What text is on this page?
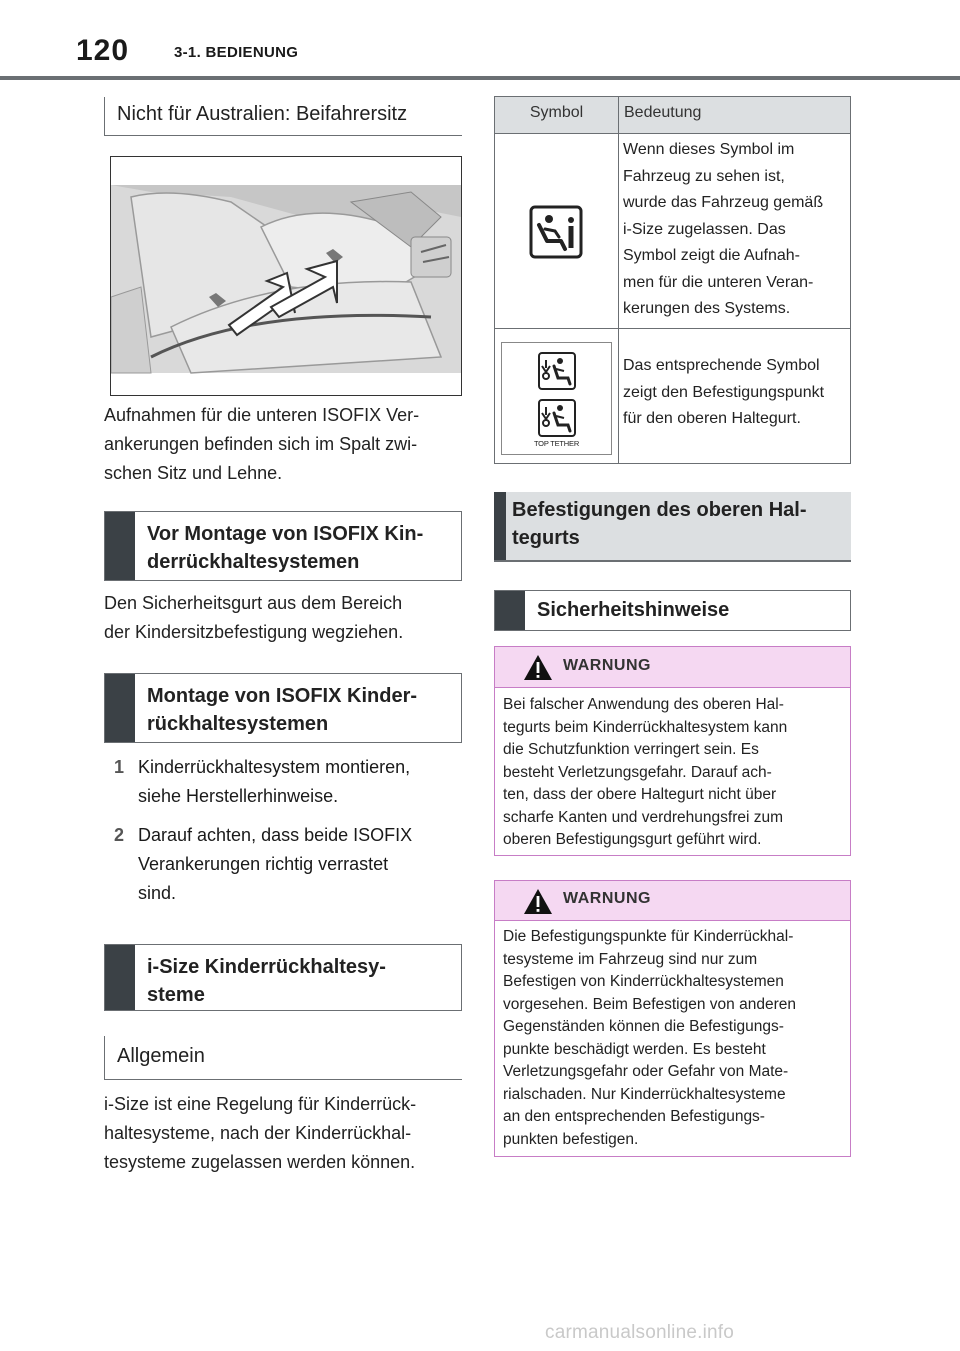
120	3-1. BEDIENUNG
Nicht für Australien: Beifahrersitz
Aufnahmen für die unteren ISOFIX Ver-
ankerungen befinden sich im Spalt zwi-
schen Sitz und Lehne.
Vor Montage von ISOFIX Kin-
derrückhaltesystemen
Den Sicherheitsgurt aus dem Bereich
der Kindersitzbefestigung wegziehen.
Montage von ISOFIX Kinder-
rückhaltesystemen
1 Kinderrückhaltesystem montieren,
siehe Herstellerhinweise.
2 Darauf achten, dass beide ISOFIX
Verankerungen richtig verrastet
sind.
i-Size Kinderrückhaltesy-
steme
Allgemein
i-Size ist eine Regelung für Kinderrück-
haltesysteme, nach der Kinderrückhal-
tesysteme zugelassen werden können.
Symbol	Bedeutung
Wenn dieses Symbol im
Fahrzeug zu sehen ist,
wurde das Fahrzeug gemäß
i-Size zugelassen. Das
Symbol zeigt die Aufnah-
men für die unteren Veran-
kerungen des Systems.
Das entsprechende Symbol
zeigt den Befestigungspunkt
für den oberen Haltegurt.
TOP TETHER
Befestigungen des oberen Hal-
tegurts
Sicherheitshinweise
WARNUNG
Bei falscher Anwendung des oberen Hal-
tegurts beim Kinderrückhaltesystem kann
die Schutzfunktion verringert sein. Es
besteht Verletzungsgefahr. Darauf ach-
ten, dass der obere Haltegurt nicht über
scharfe Kanten und verdrehungsfrei zum
oberen Befestigungsgurt geführt wird.
WARNUNG
Die Befestigungspunkte für Kinderrückhal-
tesysteme im Fahrzeug sind nur zum
Befestigen von Kinderrückhaltesystemen
vorgesehen. Beim Befestigen von anderen
Gegenständen können die Befestigungs-
punkte beschädigt werden. Es besteht
Verletzungsgefahr oder Gefahr von Mate-
rialschaden. Nur Kinderrückhaltesysteme
an den entsprechenden Befestigungs-
punkten befestigen.
carmanualsonline.info
